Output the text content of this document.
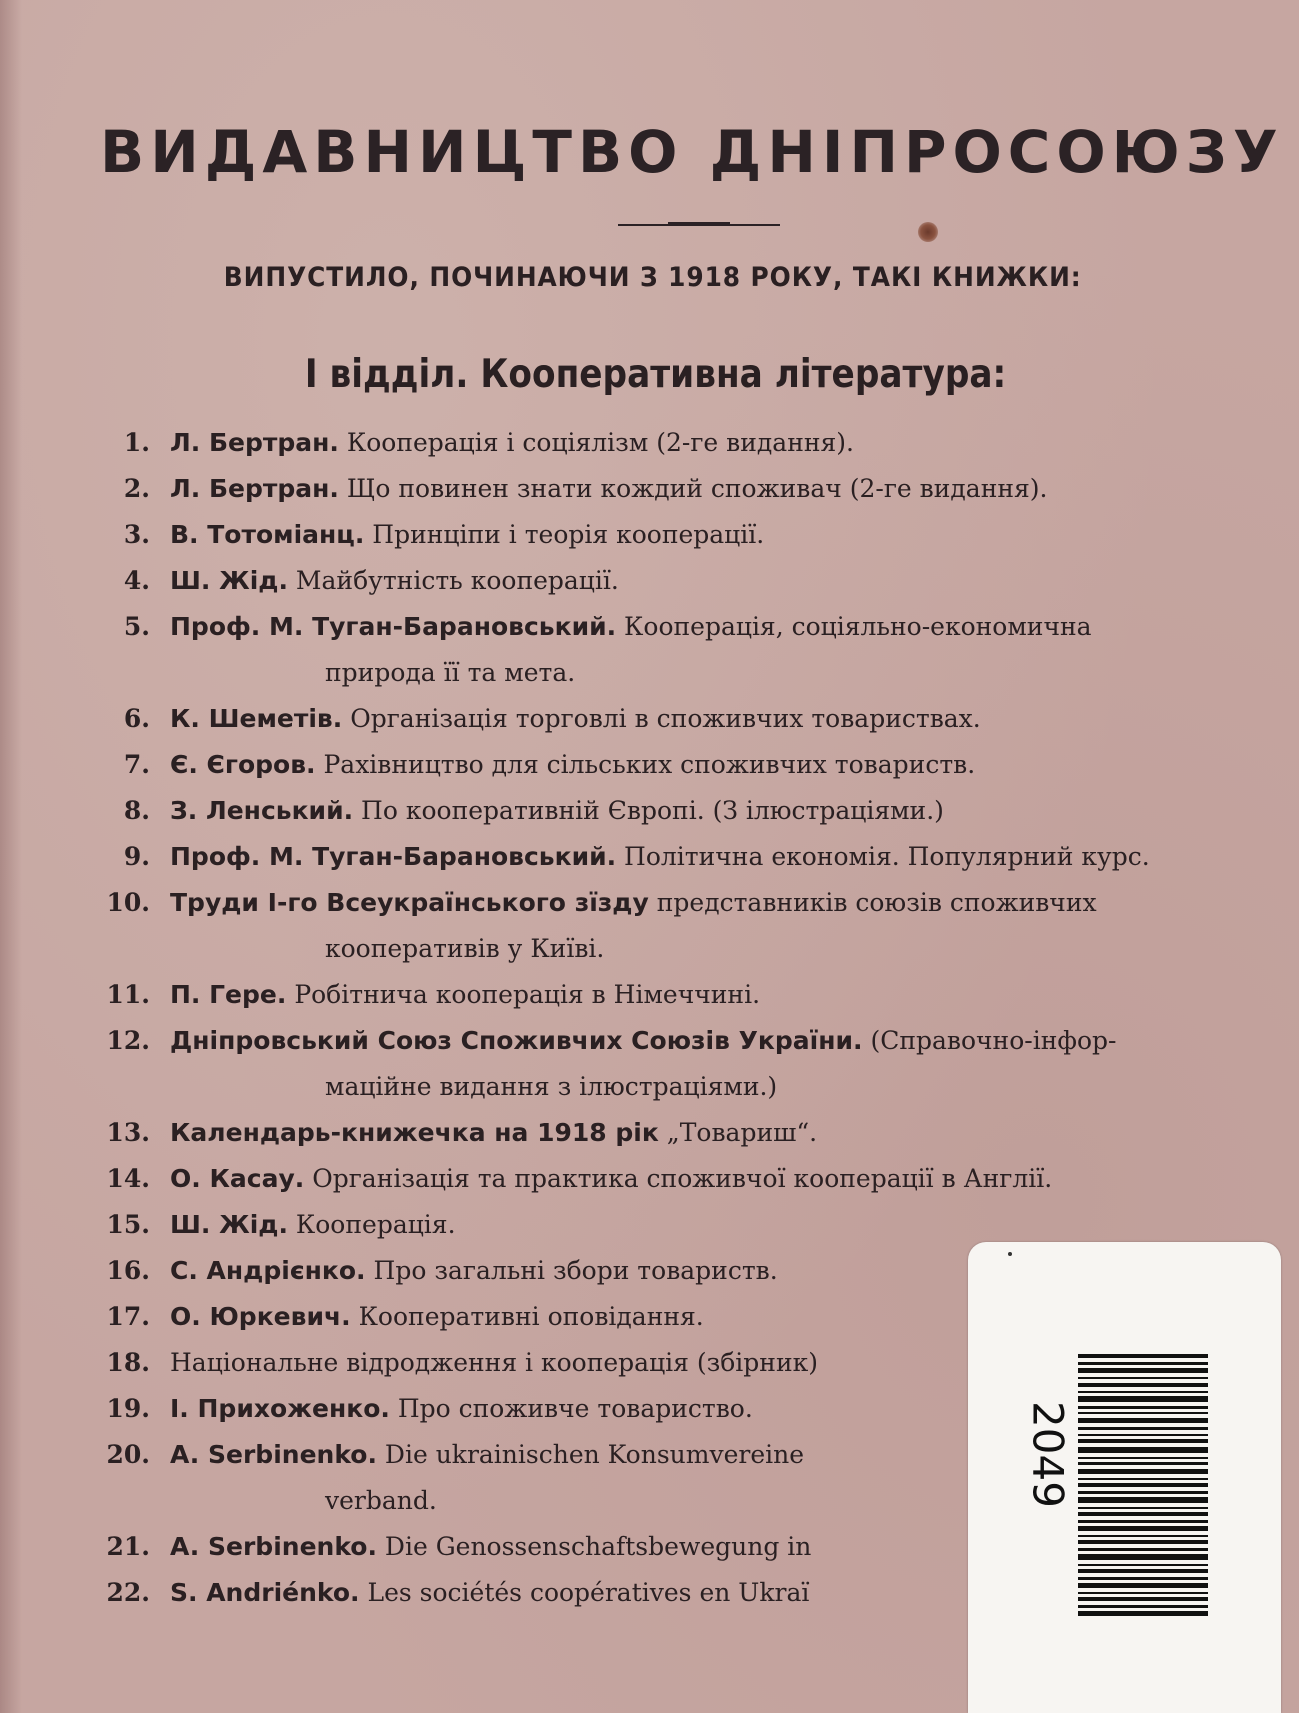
ВИДАВНИЦТВО ДНІПРОСОЮЗУ
ВИПУСТИЛО, ПОЧИНАЮЧИ З 1918 РОКУ, ТАКІ КНИЖКИ:
І відділ. Кооперативна література:
1. Л. Бертран. Кооперація і соціялізм (2-ге видання).
2. Л. Бертран. Що повинен знати кождий споживач (2-ге видання).
3. В. Тотоміанц. Принціпи і теорія кооперації.
4. Ш. Жід. Майбутність кооперації.
5. Проф. М. Туган-Барановський. Кооперація, соціяльно-економична
природа її та мета.
6. К. Шеметів. Організація торговлі в споживчих товариствах.
7. Є. Єгоров. Рахівництво для сільських споживчих товариств.
8. З. Ленський. По кооперативній Європі. (З ілюстраціями.)
9. Проф. М. Туган-Барановський. Політична економія. Популярний курс.
10. Труди І-го Всеукраїнського зїзду представників союзів споживчих
кооперативів у Київі.
11. П. Гере. Робітнича кооперація в Німеччині.
12. Дніпровський Союз Споживчих Союзів України. (Справочно-інфор-
маційне видання з ілюстраціями.)
13. Календарь-книжечка на 1918 рік „Товариш“.
14. О. Касау. Організація та практика споживчої кооперації в Англії.
15. Ш. Жід. Кооперація.
16. С. Андрієнко. Про загальні збори товариств.
17. О. Юркевич. Кооперативні оповідання.
18. Національне відродження і кооперація (збірник)
19. І. Прихоженко. Про споживче товариство.
20. A. Serbinenko. Die ukrainischen Konsumvereine
verband.
21. A. Serbinenko. Die Genossenschaftsbewegung in
22. S. Andriénko. Les sociétés coopératives en Ukraï
2049
